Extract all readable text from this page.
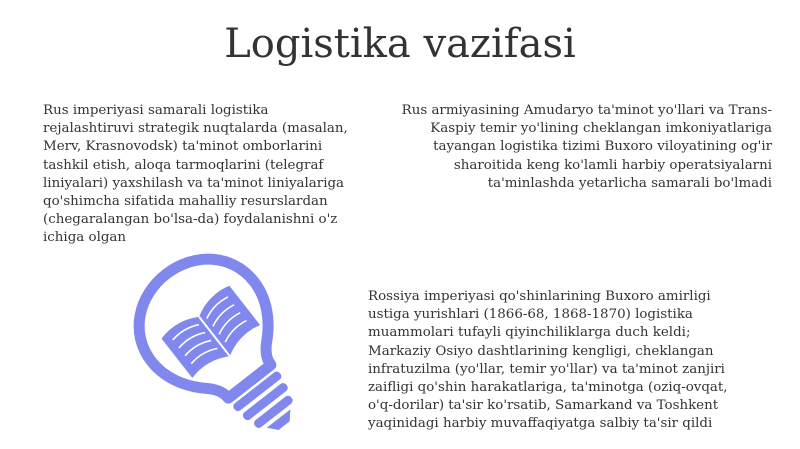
Logistika vazifasi

Rus imperiyasi samarali logistika rejalashtiruvi strategik nuqtalarda (masalan, Merv, Krasnovodsk) ta'minot omborlarini tashkil etish, aloqa tarmoqlarini (telegraf liniyalari) yaxshilash va ta'minot liniyalariga qo'shimcha sifatida mahalliy resurslardan (chegaralangan bo'lsa-da) foydalanishni o'z ichiga olgan

Rus armiyasining Amudaryo ta'minot yo'llari va Trans-Kaspiy temir yo'lining cheklangan imkoniyatlariga tayangan logistika tizimi Buxoro viloyatining og'ir sharoitida keng ko'lamli harbiy operatsiyalarni ta'minlashda yetarlicha samarali bo'lmadi

Rossiya imperiyasi qo'shinlarining Buxoro amirligi ustiga yurishlari (1866-68, 1868-1870) logistika muammolari tufayli qiyinchiliklarga duch keldi; Markaziy Osiyo dashtlarining kengligi, cheklangan infratuzilma (yo'llar, temir yo'llar) va ta'minot zanjiri zaifligi qo'shin harakatlariga, ta'minotga (oziq-ovqat, o'q-dorilar) ta'sir ko'rsatib, Samarkand va Toshkent yaqinidagi harbiy muvaffaqiyatga salbiy ta'sir qildi
